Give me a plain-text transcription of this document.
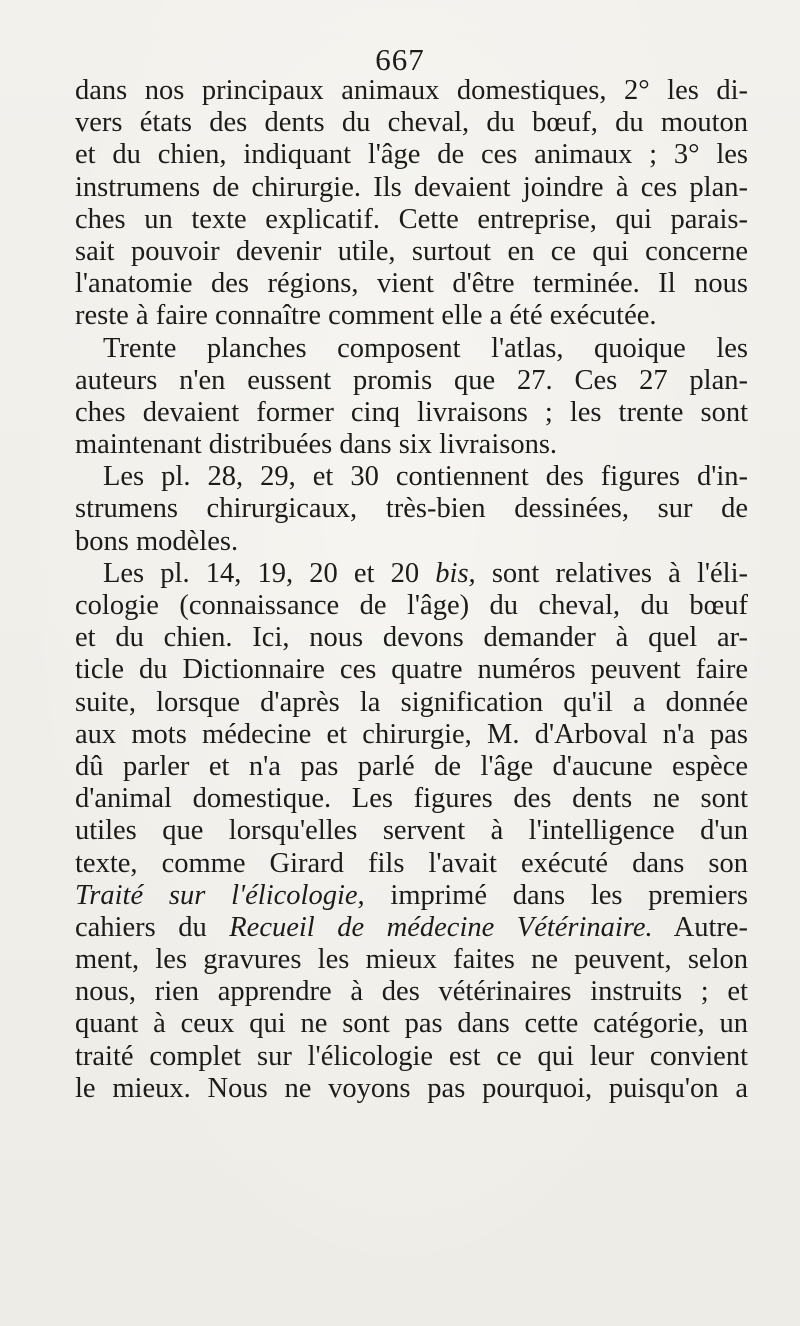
667
dans nos principaux animaux domestiques, 2° les di-
vers états des dents du cheval, du bœuf, du mouton
et du chien, indiquant l'âge de ces animaux ; 3° les
instrumens de chirurgie. Ils devaient joindre à ces plan-
ches un texte explicatif. Cette entreprise, qui parais-
sait pouvoir devenir utile, surtout en ce qui concerne
l'anatomie des régions, vient d'être terminée. Il nous
reste à faire connaître comment elle a été exécutée.
Trente planches composent l'atlas, quoique les
auteurs n'en eussent promis que 27. Ces 27 plan-
ches devaient former cinq livraisons ; les trente sont
maintenant distribuées dans six livraisons.
Les pl. 28, 29, et 30 contiennent des figures d'in-
strumens chirurgicaux, très-bien dessinées, sur de
bons modèles.
Les pl. 14, 19, 20 et 20 bis, sont relatives à l'éli-
cologie (connaissance de l'âge) du cheval, du bœuf
et du chien. Ici, nous devons demander à quel ar-
ticle du Dictionnaire ces quatre numéros peuvent faire
suite, lorsque d'après la signification qu'il a donnée
aux mots médecine et chirurgie, M. d'Arboval n'a pas
dû parler et n'a pas parlé de l'âge d'aucune espèce
d'animal domestique. Les figures des dents ne sont
utiles que lorsqu'elles servent à l'intelligence d'un
texte, comme Girard fils l'avait exécuté dans son
Traité sur l'élicologie, imprimé dans les premiers
cahiers du Recueil de médecine Vétérinaire. Autre-
ment, les gravures les mieux faites ne peuvent, selon
nous, rien apprendre à des vétérinaires instruits ; et
quant à ceux qui ne sont pas dans cette catégorie, un
traité complet sur l'élicologie est ce qui leur convient
le mieux. Nous ne voyons pas pourquoi, puisqu'on a
